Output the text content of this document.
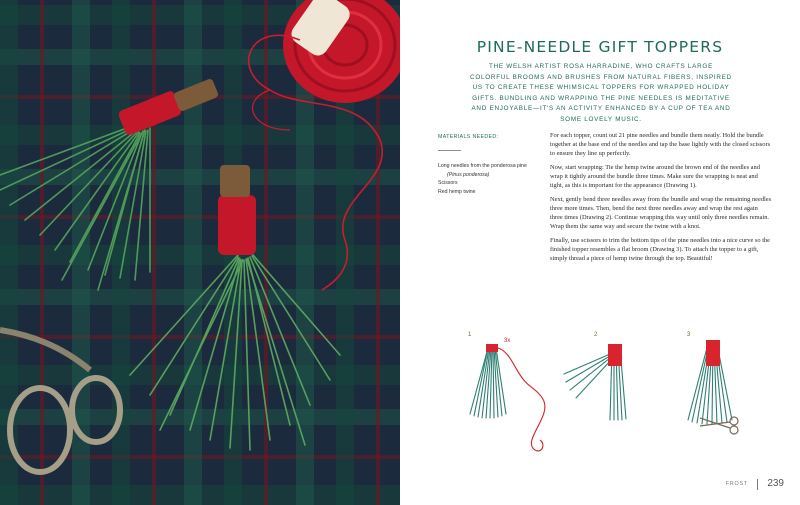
PINE-NEEDLE GIFT TOPPERS

THE WELSH ARTIST ROSA HARRADINE, WHO CRAFTS LARGE COLORFUL BROOMS AND BRUSHES FROM NATURAL FIBERS, INSPIRED US TO CREATE THESE WHIMSICAL TOPPERS FOR WRAPPED HOLIDAY GIFTS. BUNDLING AND WRAPPING THE PINE NEEDLES IS MEDITATIVE AND ENJOYABLE—IT'S AN ACTIVITY ENHANCED BY A CUP OF TEA AND SOME LOVELY MUSIC.

MATERIALS NEEDED:

Long needles from the ponderosa pine
(Pinus ponderosa)
Scissors
Red hemp twine

For each topper, count out 21 pine needles and bundle them neatly. Hold the bundle together at the base end of the needles and tap the base lightly with the closed scissors to ensure they line up perfectly.

Now, start wrapping: Tie the hemp twine around the brown end of the needles and wrap it tightly around the bundle three times. Make sure the wrapping is neat and tight, as this is important for the appearance (Drawing 1).

Next, gently bend three needles away from the bundle and wrap the remaining needles three more times. Then, bend the next three needles away and wrap the rest again three times (Drawing 2). Continue wrapping this way until only three needles remain. Wrap them the same way and secure the twine with a knot.

Finally, use scissors to trim the bottom tips of the pine needles into a nice curve so the finished topper resembles a flat broom (Drawing 3). To attach the topper to a gift, simply thread a piece of hemp twine through the top. Beautiful!

1	2	3
3x
FROST 239
